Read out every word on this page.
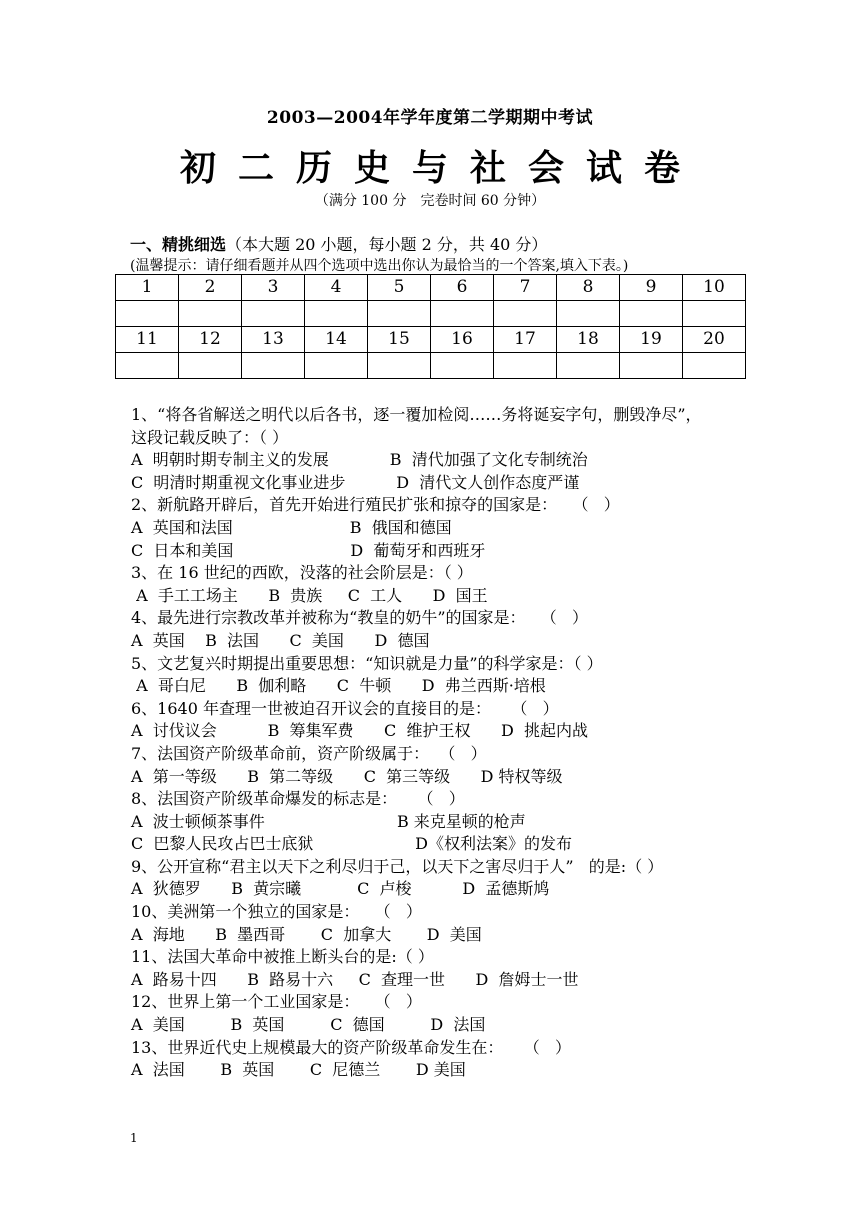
2003—2004年学年度第二学期期中考试
初二历史与社会试卷
（满分 100 分　完卷时间 60 分钟）
一、精挑细选（本大题 20 小题，每小题 2 分，共 40 分）
(温馨提示：请仔细看题并从四个选项中选出你认为最恰当的一个答案,填入下表。)
1	2	3	4	5	6	7	8	9	10

11	12	13	14	15	16	17	18	19	20

1、“将各省解送之明代以后各书，逐一覆加检阅……务将诞妄字句，删毁净尽”，
这段记载反映了：（ ）
A  明朝时期专制主义的发展            B  清代加强了文化专制统治
C  明清时期重视文化事业进步          D  清代文人创作态度严谨
2、新航路开辟后，首先开始进行殖民扩张和掠夺的国家是：   （   ）
A  英国和法国                       B  俄国和德国
C  日本和美国                       D  葡萄牙和西班牙
3、在 16 世纪的西欧，没落的社会阶层是：（ ）
A  手工工场主      B  贵族     C  工人      D  国王
4、最先进行宗教改革并被称为“教皇的奶牛”的国家是：   （   ）
A  英国    B  法国      C  美国      D  德国
5、文艺复兴时期提出重要思想：“知识就是力量”的科学家是：（ ）
A  哥白尼      B  伽利略      C  牛顿      D  弗兰西斯·培根
6、1640 年查理一世被迫召开议会的直接目的是：    （   ）
A  讨伐议会          B  筹集军费      C  维护王权      D  挑起内战
7、法国资产阶级革命前，资产阶级属于：  （   ）
A  第一等级      B  第二等级      C  第三等级      D 特权等级
8、法国资产阶级革命爆发的标志是：    （   ）
A  波士顿倾茶事件                          B 来克星顿的枪声
C  巴黎人民攻占巴士底狱                    D《权利法案》的发布
9、公开宣称“君主以天下之利尽归于己，以天下之害尽归于人”   的是:（ ）
A  狄德罗      B  黄宗曦           C  卢梭          D  孟德斯鸠
10、美洲第一个独立的国家是：   （   ）
A  海地      B  墨西哥       C  加拿大       D  美国
11、法国大革命中被推上断头台的是:（ ）
A  路易十四      B  路易十六     C  查理一世      D  詹姆士一世
12、世界上第一个工业国家是：   （   ）
A  美国         B  英国         C  德国         D  法国
13、世界近代史上规模最大的资产阶级革命发生在：    （   ）
A  法国       B  英国       C  尼德兰       D 美国
1
